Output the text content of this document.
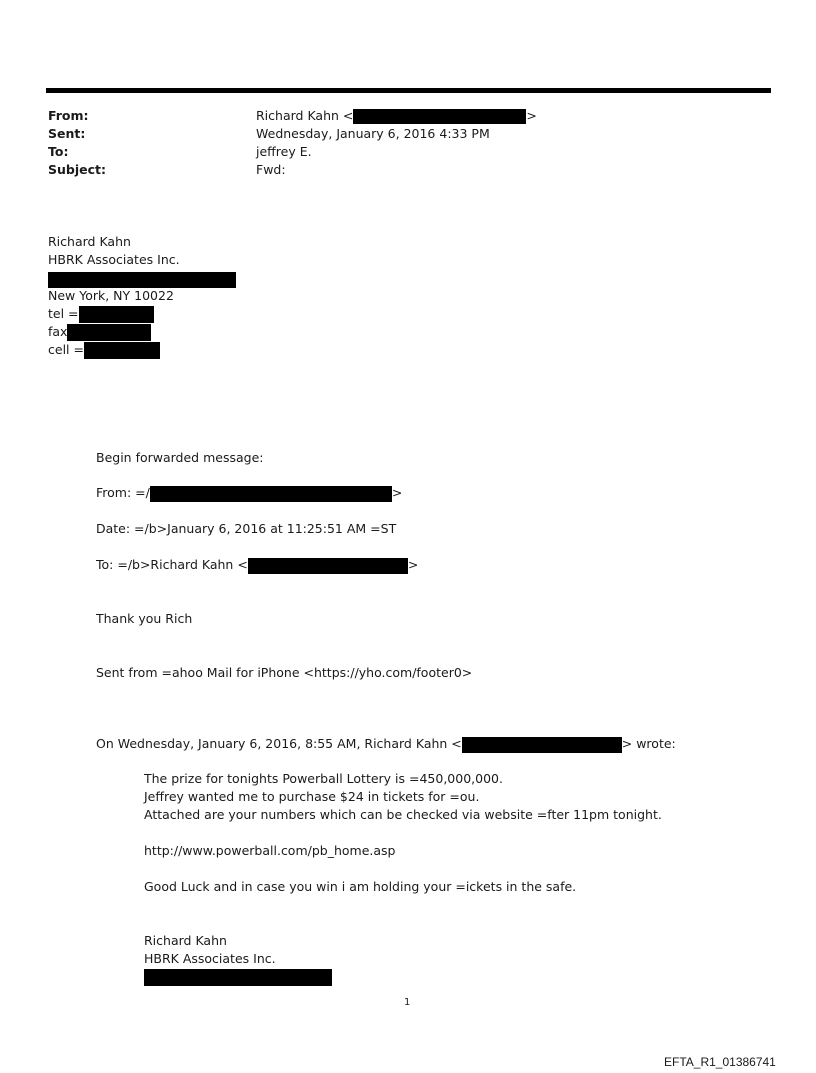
From:	Richard Kahn <	>
Sent:	Wednesday, January 6, 2016 4:33 PM
To:	jeffrey E.
Subject:	Fwd:
Richard Kahn
HBRK Associates Inc.
New York, NY 10022
tel =
fax
cell =
Begin forwarded message:
From: =/	>
Date: =/b>January 6, 2016 at 11:25:51 AM =ST
To: =/b>Richard Kahn <	>
Thank you Rich
Sent from =ahoo Mail for iPhone <https://yho.com/footer0>
On Wednesday, January 6, 2016, 8:55 AM, Richard Kahn <	> wrote:
The prize for tonights Powerball Lottery is =450,000,000.
Jeffrey wanted me to purchase $24 in tickets for =ou.
Attached are your numbers which can be checked via website =fter 11pm tonight.
http://www.powerball.com/pb_home.asp
Good Luck and in case you win i am holding your =ickets in the safe.
Richard Kahn
HBRK Associates Inc.
1
EFTA_R1_01386741
